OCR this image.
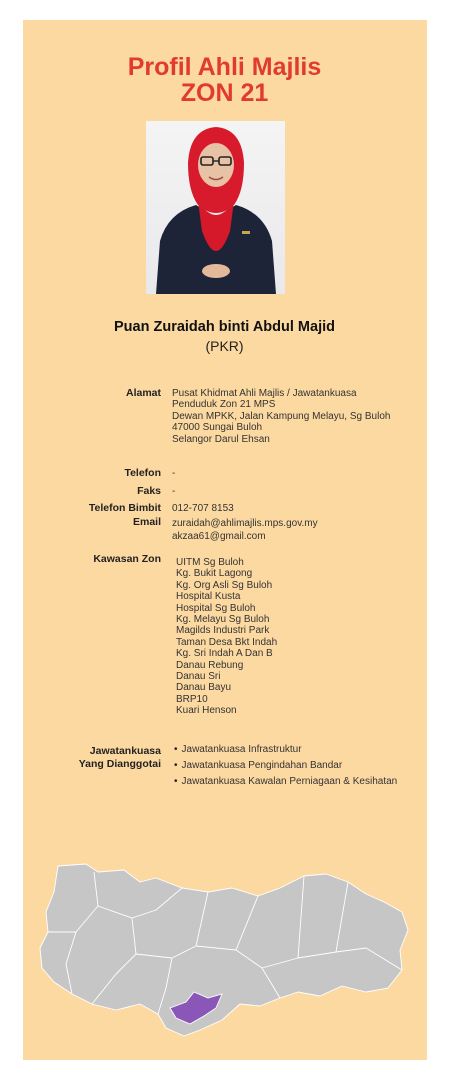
Profil Ahli Majlis
ZON 21
Puan Zuraidah binti Abdul Majid
(PKR)
Alamat Pusat Khidmat Ahli Majlis / Jawatankuasa
Penduduk Zon 21 MPS
Dewan MPKK, Jalan Kampung Melayu, Sg Buloh
47000 Sungai Buloh
Selangor Darul Ehsan
Telefon -
Faks -
Telefon Bimbit 012-707 8153
Email zuraidah@ahlimajlis.mps.gov.my
akzaa61@gmail.com
Kawasan Zon UITM Sg Buloh
Kg. Bukit Lagong
Kg. Org Asli Sg Buloh
Hospital Kusta
Hospital Sg Buloh
Kg. Melayu Sg Buloh
Magilds Industri Park
Taman Desa Bkt Indah
Kg. Sri Indah A Dan B
Danau Rebung
Danau Sri
Danau Bayu
BRP10
Kuari Henson
Jawatankuasa
Yang Dianggotai
• Jawatankuasa Infrastruktur
• Jawatankuasa Pengindahan Bandar
• Jawatankuasa Kawalan Perniagaan & Kesihatan
